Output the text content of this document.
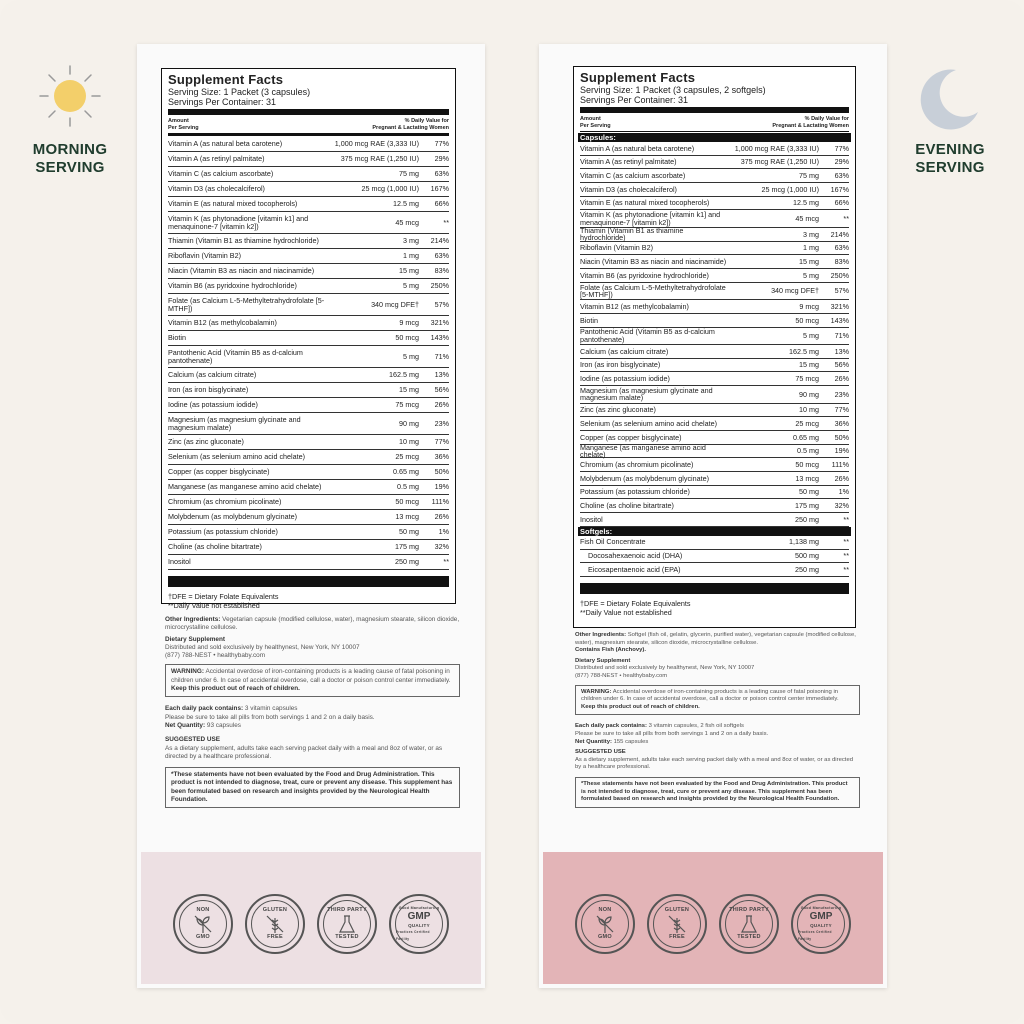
MORNING
SERVING
EVENING
SERVING
Supplement Facts
Serving Size: 1 Packet (3 capsules)
Servings Per Container: 31
Amount
Per Serving
% Daily Value for
Pregnant & Lactating Women
Vitamin A (as natural beta carotene)	1,000 mcg RAE (3,333 IU)	77%
Vitamin A (as retinyl palmitate)	375 mcg RAE (1,250 IU)	29%
Vitamin C (as calcium ascorbate)	75 mg	63%
Vitamin D3 (as cholecalciferol)	25 mcg (1,000 IU)	167%
Vitamin E (as natural mixed tocopherols)	12.5 mg	66%
Vitamin K (as phytonadione [vitamin k1] and menaquinone-7 [vitamin k2])	45 mcg	**
Thiamin (Vitamin B1 as thiamine hydrochloride)	3 mg	214%
Riboflavin (Vitamin B2)	1 mg	63%
Niacin (Vitamin B3 as niacin and niacinamide)	15 mg	83%
Vitamin B6 (as pyridoxine hydrochloride)	5 mg	250%
Folate (as Calcium L-5-Methyltetrahydrofolate [5-MTHF])	340 mcg DFE†	57%
Vitamin B12 (as methylcobalamin)	9 mcg	321%
Biotin	50 mcg	143%
Pantothenic Acid (Vitamin B5 as d-calcium pantothenate)	5 mg	71%
Calcium (as calcium citrate)	162.5 mg	13%
Iron (as iron bisglycinate)	15 mg	56%
Iodine (as potassium iodide)	75 mcg	26%
Magnesium (as magnesium glycinate and magnesium malate)	90 mg	23%
Zinc (as zinc gluconate)	10 mg	77%
Selenium (as selenium amino acid chelate)	25 mcg	36%
Copper (as copper bisglycinate)	0.65 mg	50%
Manganese (as manganese amino acid chelate)	0.5 mg	19%
Chromium (as chromium picolinate)	50 mcg	111%
Molybdenum (as molybdenum glycinate)	13 mcg	26%
Potassium (as potassium chloride)	50 mg	1%
Choline (as choline bitartrate)	175 mg	32%
Inositol	250 mg	**
†DFE = Dietary Folate Equivalents
**Daily Value not established

Other Ingredients: Vegetarian capsule (modified cellulose, water), magnesium stearate, silicon dioxide, microcrystalline cellulose.

Dietary Supplement

Distributed and sold exclusively by healthynest, New York, NY 10007
(877) 788-NEST • healthybaby.com
WARNING: Accidental overdose of iron-containing products is a leading cause of fatal poisoning in children under 6. In case of accidental overdose, call a doctor or poison control center immediately. Keep this product out of reach of children.
Each daily pack contains: 3 vitamin capsules
Please be sure to take all pills from both servings 1 and 2 on a daily basis.

Net Quantity: 93 capsules

SUGGESTED USE

As a dietary supplement, adults take each serving packet daily with a meal and 8oz of water, or as directed by a healthcare professional.

*These statements have not been evaluated by the Food and Drug Administration. This product is not intended to diagnose, treat, cure or prevent any disease. This supplement has been formulated based on research and insights provided by the Neurological Health Foundation.
NON
GMO
GLUTEN
FREE
THIRD PARTY
TESTED
Good Manufacturing
GMP
QUALITY
Practices Certified Facility
Supplement Facts
Serving Size: 1 Packet (3 capsules, 2 softgels)
Servings Per Container: 31
Amount
Per Serving
% Daily Value for
Pregnant & Lactating Women
Capsules:
Vitamin A (as natural beta carotene)	1,000 mcg RAE (3,333 IU)	77%
Vitamin A (as retinyl palmitate)	375 mcg RAE (1,250 IU)	29%
Vitamin C (as calcium ascorbate)	75 mg	63%
Vitamin D3 (as cholecalciferol)	25 mcg (1,000 IU)	167%
Vitamin E (as natural mixed tocopherols)	12.5 mg	66%
Vitamin K (as phytonadione [vitamin k1] and menaquinone-7 [vitamin k2])	45 mcg	**
Thiamin (Vitamin B1 as thiamine hydrochloride)	3 mg	214%
Riboflavin (Vitamin B2)	1 mg	63%
Niacin (Vitamin B3 as niacin and niacinamide)	15 mg	83%
Vitamin B6 (as pyridoxine hydrochloride)	5 mg	250%
Folate (as Calcium L-5-Methyltetrahydrofolate [5-MTHF])	340 mcg DFE†	57%
Vitamin B12 (as methylcobalamin)	9 mcg	321%
Biotin	50 mcg	143%
Pantothenic Acid (Vitamin B5 as d-calcium pantothenate)	5 mg	71%
Calcium (as calcium citrate)	162.5 mg	13%
Iron (as iron bisglycinate)	15 mg	56%
Iodine (as potassium iodide)	75 mcg	26%
Magnesium (as magnesium glycinate and magnesium malate)	90 mg	23%
Zinc (as zinc gluconate)	10 mg	77%
Selenium (as selenium amino acid chelate)	25 mcg	36%
Copper (as copper bisglycinate)	0.65 mg	50%
Manganese (as manganese amino acid chelate)	0.5 mg	19%
Chromium (as chromium picolinate)	50 mcg	111%
Molybdenum (as molybdenum glycinate)	13 mcg	26%
Potassium (as potassium chloride)	50 mg	1%
Choline (as choline bitartrate)	175 mg	32%
Inositol	250 mg	**
Softgels:
Fish Oil Concentrate	1,138 mg	**
Docosahexaenoic acid (DHA)	500 mg	**
Eicosapentaenoic acid (EPA)	250 mg	**
†DFE = Dietary Folate Equivalents
**Daily Value not established

Other Ingredients: Softgel (fish oil, gelatin, glycerin, purified water), vegetarian capsule (modified cellulose, water), magnesium stearate, silicon dioxide, microcrystalline cellulose.

Contains Fish (Anchovy).

Dietary Supplement

Distributed and sold exclusively by healthynest, New York, NY 10007
(877) 788-NEST • healthybaby.com
WARNING: Accidental overdose of iron-containing products is a leading cause of fatal poisoning in children under 6. In case of accidental overdose, call a doctor or poison control center immediately. Keep this product out of reach of children.
Each daily pack contains: 3 vitamin capsules, 2 fish oil softgels
Please be sure to take all pills from both servings 1 and 2 on a daily basis.

Net Quantity: 155 capsules

SUGGESTED USE

As a dietary supplement, adults take each serving packet daily with a meal and 8oz of water, or as directed by a healthcare professional.

*These statements have not been evaluated by the Food and Drug Administration. This product is not intended to diagnose, treat, cure or prevent any disease. This supplement has been formulated based on research and insights provided by the Neurological Health Foundation.
NON
GMO
GLUTEN
FREE
THIRD PARTY
TESTED
Good Manufacturing
GMP
QUALITY
Practices Certified Facility
